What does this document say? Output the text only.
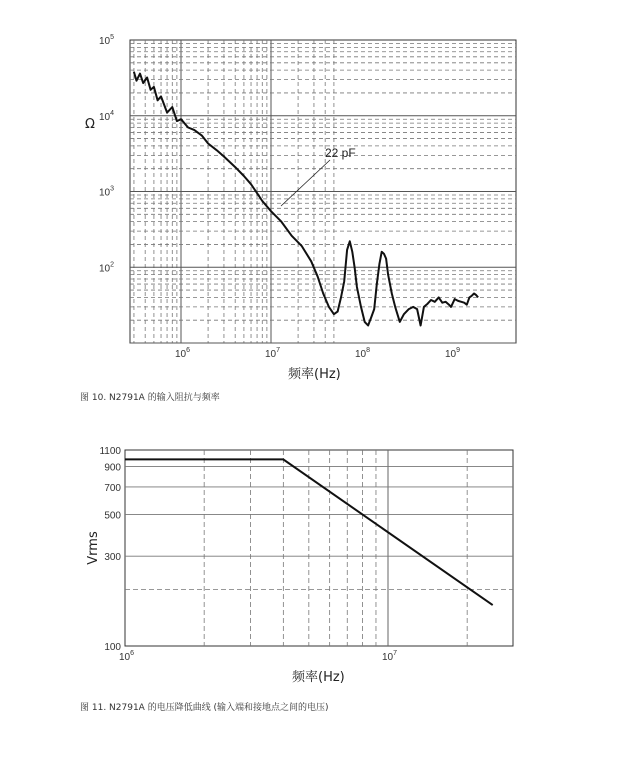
$10^6$	$10^7$	$10^8$	$10^9$
$10^2$
$10^3$
$10^4$
$10^5$
22 pF
Ω
频率(Hz)
图 10. N2791A 的输入阻抗与频率
$10^6$	$10^7$
100
300
500
700
900
1100
Vrms
频率(Hz)
图 11. N2791A 的电压降低曲线 (输入端和接地点之间的电压)
